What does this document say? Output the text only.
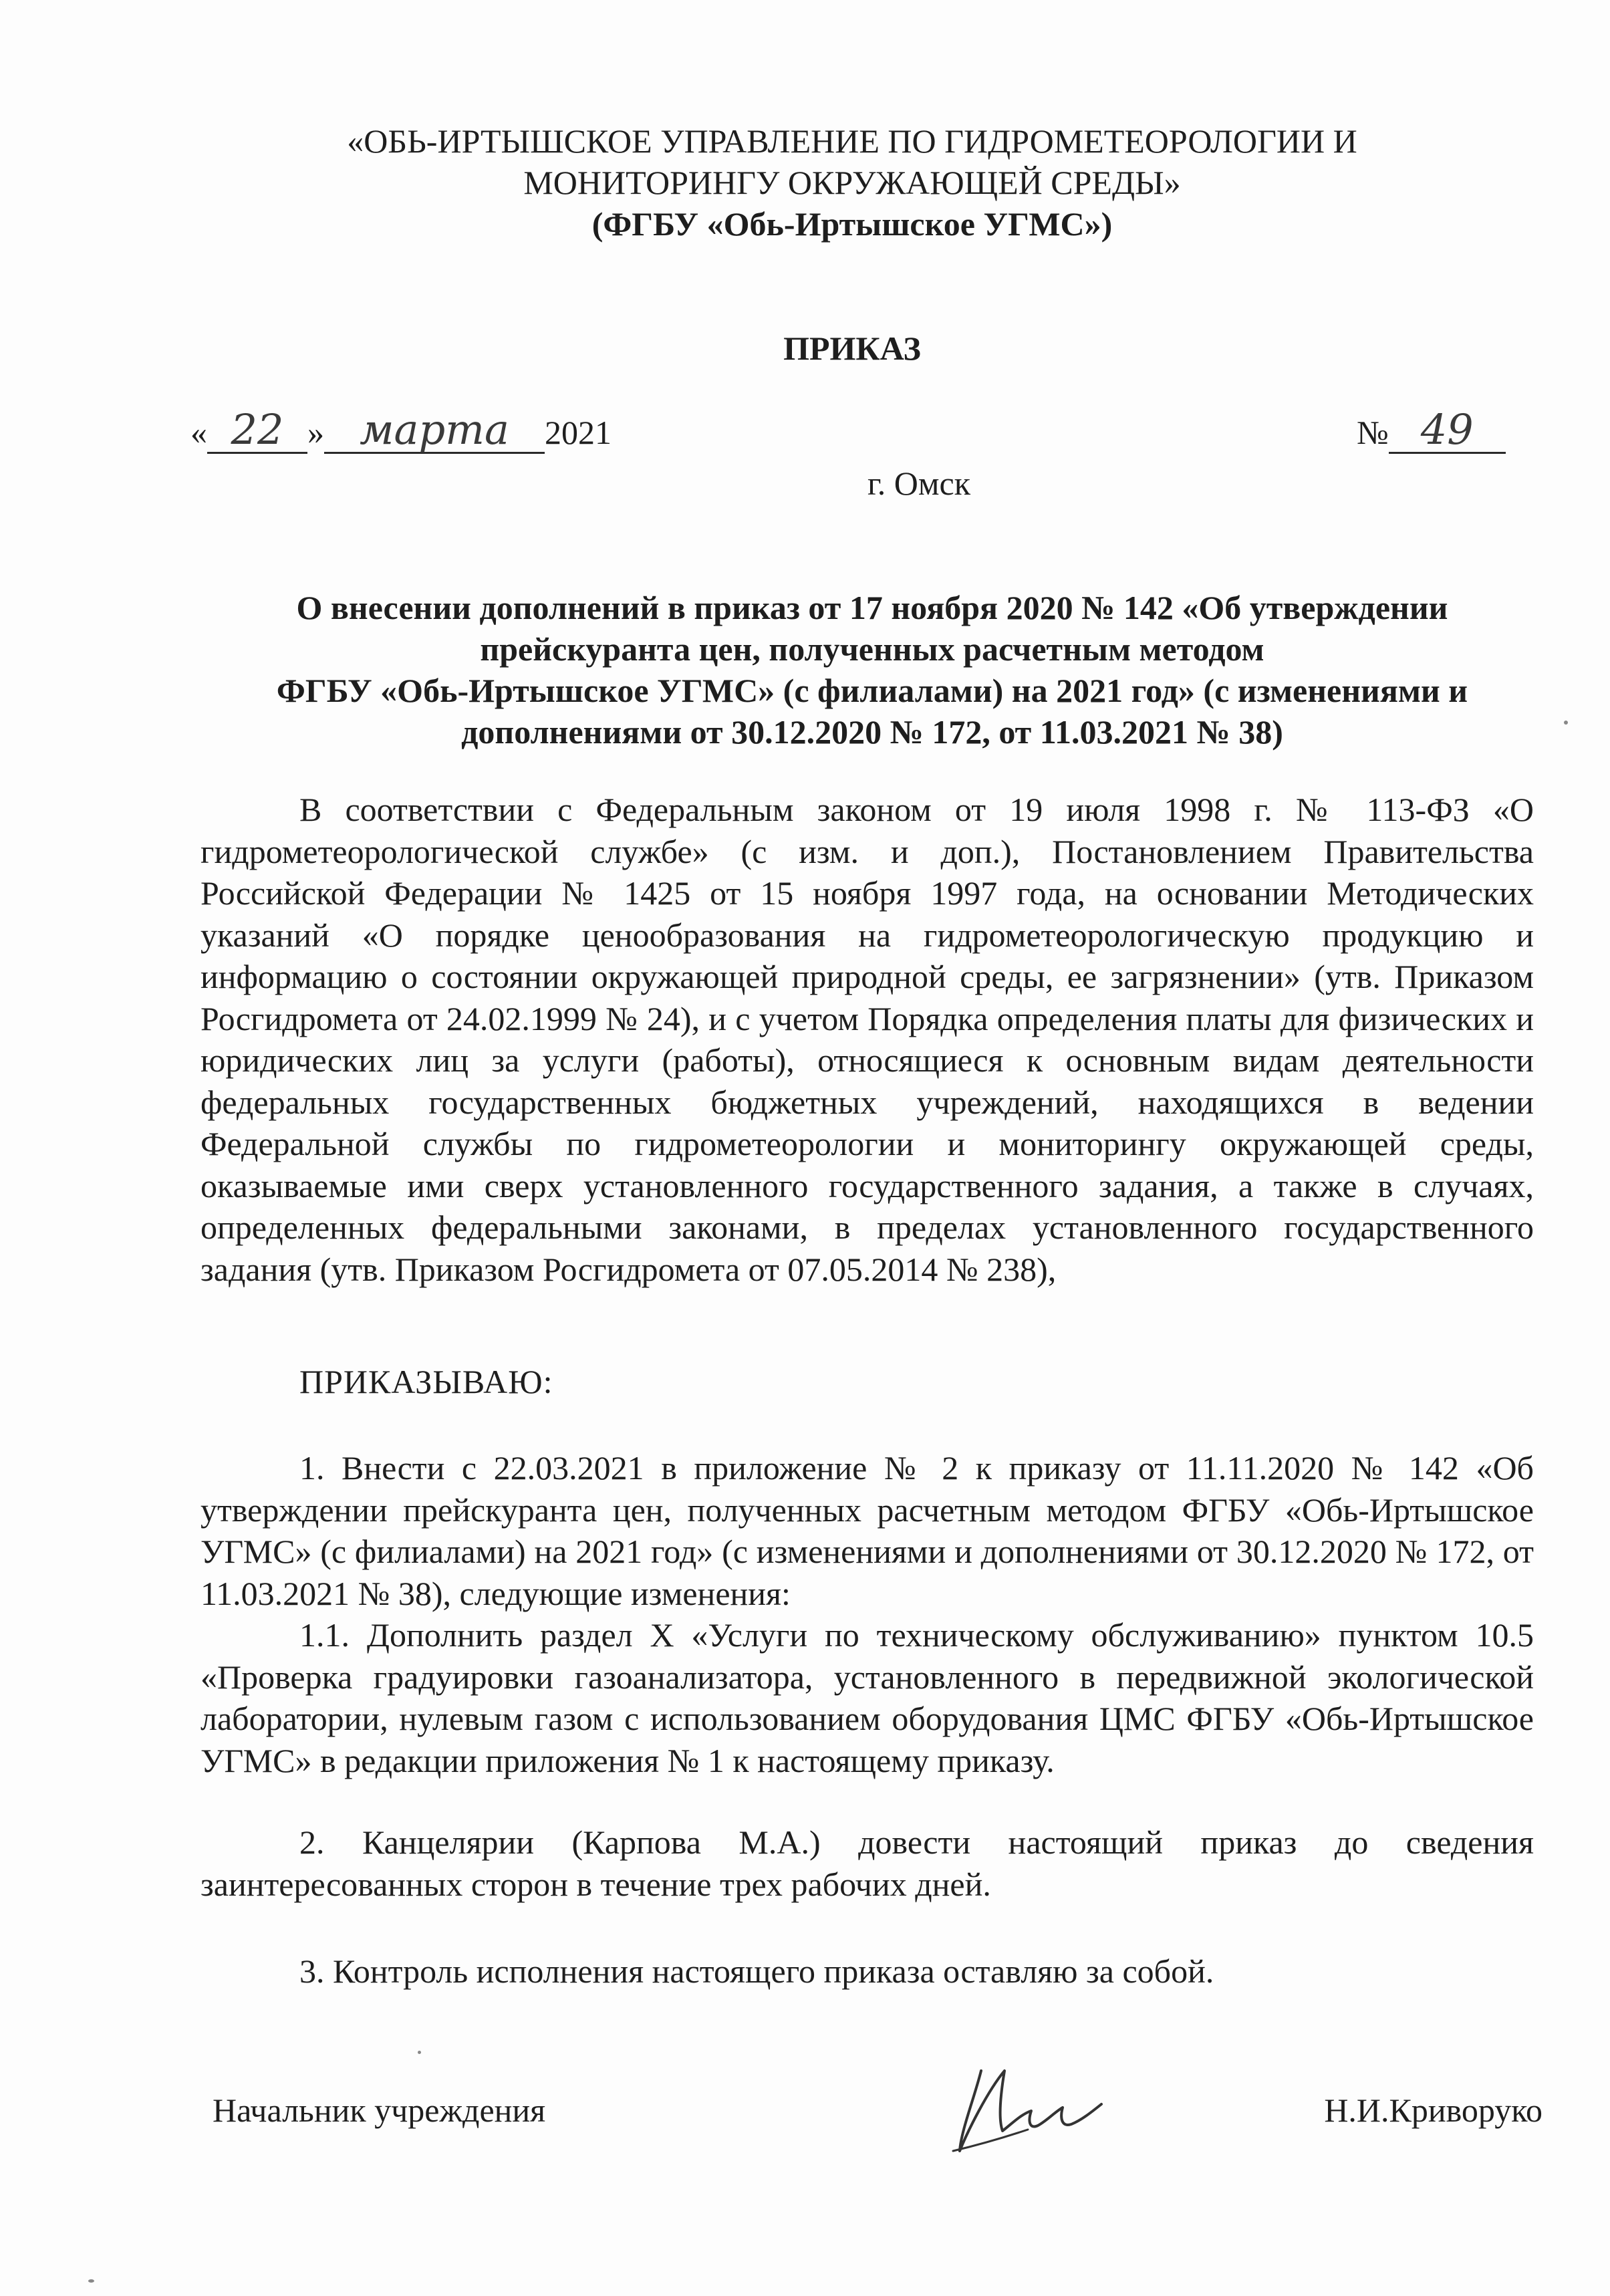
«ОБЬ-ИРТЫШСКОЕ УПРАВЛЕНИЕ ПО ГИДРОМЕТЕОРОЛОГИИ И
МОНИТОРИНГУ ОКРУЖАЮЩЕЙ СРЕДЫ»
(ФГБУ «Обь-Иртышское УГМС»)
ПРИКАЗ
« 22 » марта 2021	№ 49
г. Омск
О внесении дополнений в приказ от 17 ноября 2020 № 142 «Об утверждении
прейскуранта цен, полученных расчетным методом
ФГБУ «Обь-Иртышское УГМС» (с филиалами) на 2021 год» (с изменениями и
дополнениями от 30.12.2020 № 172, от 11.03.2021 № 38)
В соответствии с Федеральным законом от 19 июля 1998 г. № 113-ФЗ «О гидрометеорологической службе» (с изм. и доп.), Постановлением Правительства Российской Федерации № 1425 от 15 ноября 1997 года, на основании Методических указаний «О порядке ценообразования на гидрометеорологическую продукцию и информацию о состоянии окружающей природной среды, ее загрязнении» (утв. Приказом Росгидромета от 24.02.1999 № 24), и с учетом Порядка определения платы для физических и юридических лиц за услуги (работы), относящиеся к основным видам деятельности федеральных государственных бюджетных учреждений, находящихся в ведении Федеральной службы по гидрометеорологии и мониторингу окружающей среды, оказываемые ими сверх установленного государственного задания, а также в случаях, определенных федеральными законами, в пределах установленного государственного задания (утв. Приказом Росгидромета от 07.05.2014 № 238),
ПРИКАЗЫВАЮ:
1. Внести с 22.03.2021 в приложение № 2 к приказу от 11.11.2020 № 142 «Об утверждении прейскуранта цен, полученных расчетным методом ФГБУ «Обь-Иртышское УГМС» (с филиалами) на 2021 год» (с изменениями и дополнениями от 30.12.2020 № 172, от 11.03.2021 № 38), следующие изменения:
1.1. Дополнить раздел X «Услуги по техническому обслуживанию» пунктом 10.5 «Проверка градуировки газоанализатора, установленного в передвижной экологической лаборатории, нулевым газом с использованием оборудования ЦМС ФГБУ «Обь-Иртышское УГМС» в редакции приложения № 1 к настоящему приказу.
2. Канцелярии (Карпова М.А.) довести настоящий приказ до сведения заинтересованных сторон в течение трех рабочих дней.
3. Контроль исполнения настоящего приказа оставляю за собой.
Начальник учреждения	Н.И.Криворуко
